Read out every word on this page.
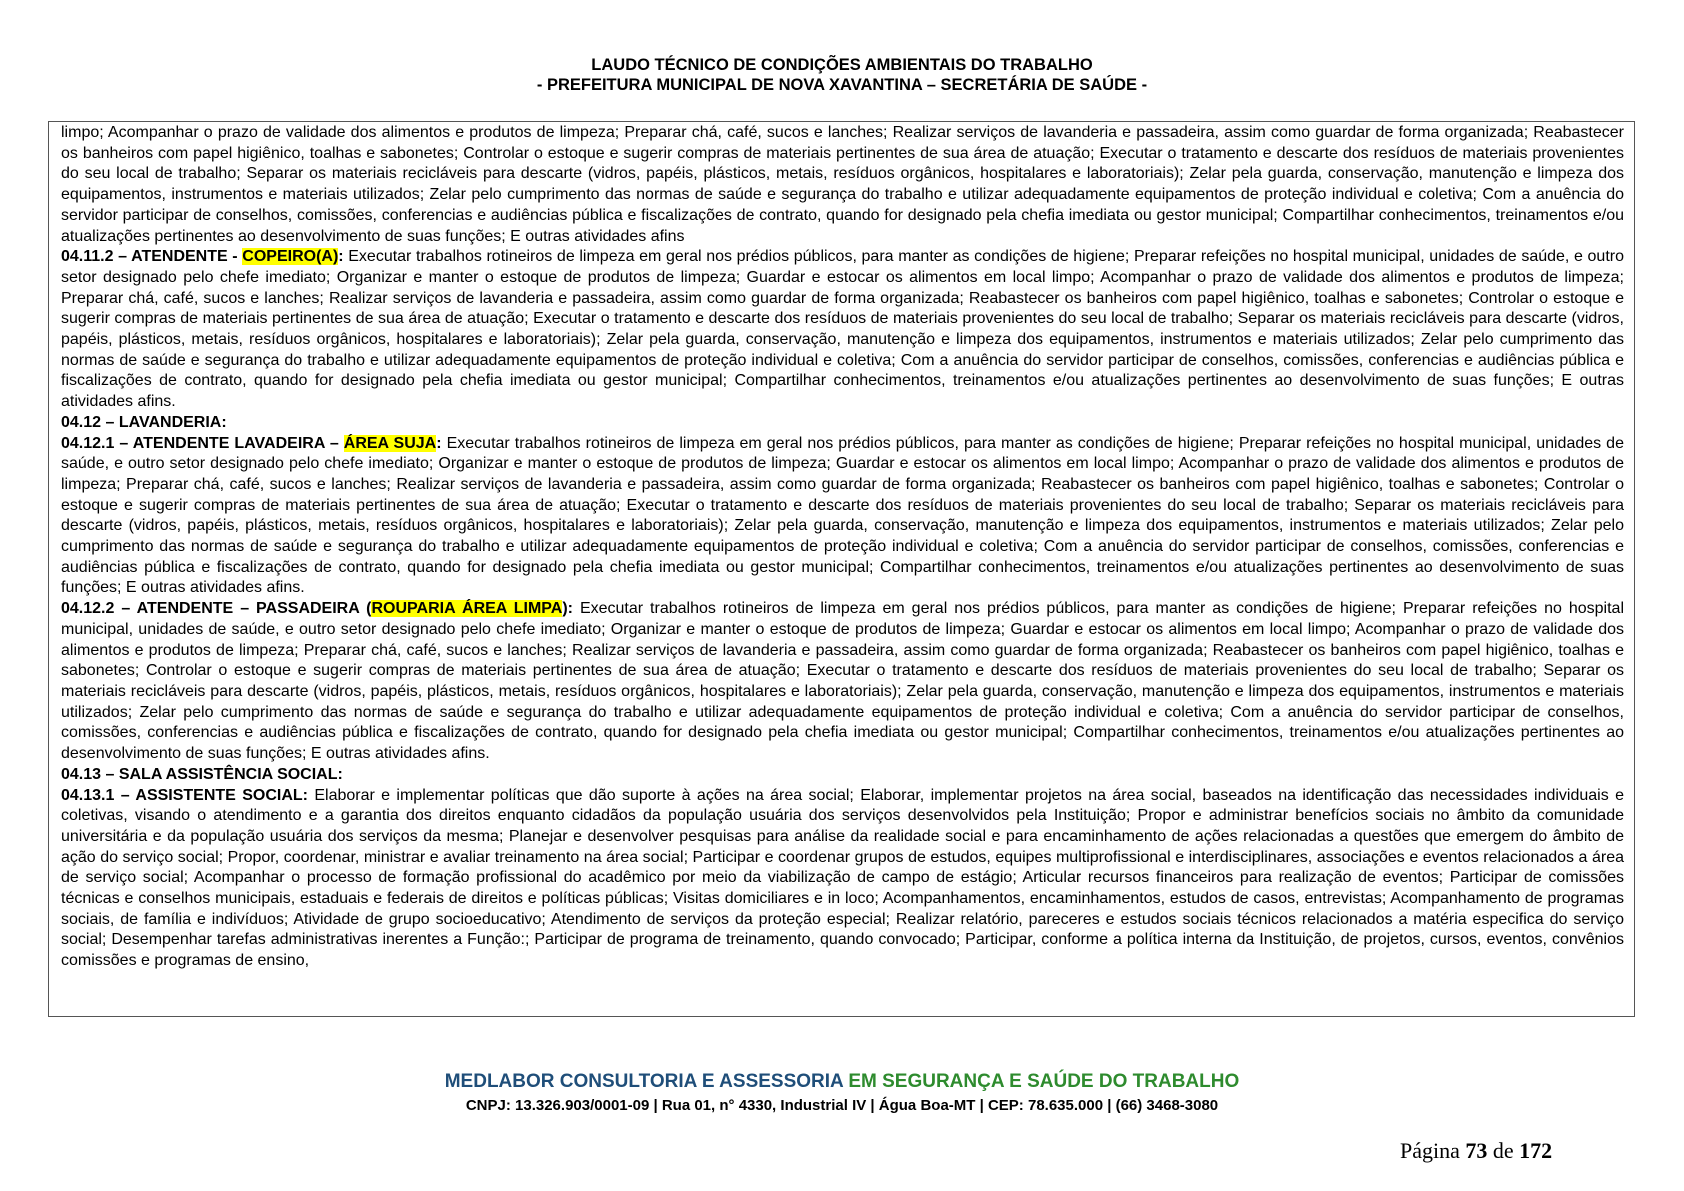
LAUDO TÉCNICO DE CONDIÇÕES AMBIENTAIS DO TRABALHO
- PREFEITURA MUNICIPAL DE NOVA XAVANTINA – SECRETÁRIA DE SAÚDE -

limpo; Acompanhar o prazo de validade dos alimentos e produtos de limpeza; Preparar chá, café, sucos e lanches; Realizar serviços de lavanderia e passadeira, assim como guardar de forma organizada; Reabastecer os banheiros com papel higiênico, toalhas e sabonetes; Controlar o estoque e sugerir compras de materiais pertinentes de sua área de atuação; Executar o tratamento e descarte dos resíduos de materiais provenientes do seu local de trabalho; Separar os materiais recicláveis para descarte (vidros, papéis, plásticos, metais, resíduos orgânicos, hospitalares e laboratoriais); Zelar pela guarda, conservação, manutenção e limpeza dos equipamentos, instrumentos e materiais utilizados; Zelar pelo cumprimento das normas de saúde e segurança do trabalho e utilizar adequadamente equipamentos de proteção individual e coletiva; Com a anuência do servidor participar de conselhos, comissões, conferencias e audiências pública e fiscalizações de contrato, quando for designado pela chefia imediata ou gestor municipal; Compartilhar conhecimentos, treinamentos e/ou atualizações pertinentes ao desenvolvimento de suas funções; E outras atividades afins

04.11.2 – ATENDENTE - COPEIRO(A): Executar trabalhos rotineiros de limpeza em geral nos prédios públicos, para manter as condições de higiene; Preparar refeições no hospital municipal, unidades de saúde, e outro setor designado pelo chefe imediato; Organizar e manter o estoque de produtos de limpeza; Guardar e estocar os alimentos em local limpo; Acompanhar o prazo de validade dos alimentos e produtos de limpeza; Preparar chá, café, sucos e lanches; Realizar serviços de lavanderia e passadeira, assim como guardar de forma organizada; Reabastecer os banheiros com papel higiênico, toalhas e sabonetes; Controlar o estoque e sugerir compras de materiais pertinentes de sua área de atuação; Executar o tratamento e descarte dos resíduos de materiais provenientes do seu local de trabalho; Separar os materiais recicláveis para descarte (vidros, papéis, plásticos, metais, resíduos orgânicos, hospitalares e laboratoriais); Zelar pela guarda, conservação, manutenção e limpeza dos equipamentos, instrumentos e materiais utilizados; Zelar pelo cumprimento das normas de saúde e segurança do trabalho e utilizar adequadamente equipamentos de proteção individual e coletiva; Com a anuência do servidor participar de conselhos, comissões, conferencias e audiências pública e fiscalizações de contrato, quando for designado pela chefia imediata ou gestor municipal; Compartilhar conhecimentos, treinamentos e/ou atualizações pertinentes ao desenvolvimento de suas funções; E outras atividades afins.

04.12 – LAVANDERIA:

04.12.1 – ATENDENTE LAVADEIRA – ÁREA SUJA: Executar trabalhos rotineiros de limpeza em geral nos prédios públicos, para manter as condições de higiene; Preparar refeições no hospital municipal, unidades de saúde, e outro setor designado pelo chefe imediato; Organizar e manter o estoque de produtos de limpeza; Guardar e estocar os alimentos em local limpo; Acompanhar o prazo de validade dos alimentos e produtos de limpeza; Preparar chá, café, sucos e lanches; Realizar serviços de lavanderia e passadeira, assim como guardar de forma organizada; Reabastecer os banheiros com papel higiênico, toalhas e sabonetes; Controlar o estoque e sugerir compras de materiais pertinentes de sua área de atuação; Executar o tratamento e descarte dos resíduos de materiais provenientes do seu local de trabalho; Separar os materiais recicláveis para descarte (vidros, papéis, plásticos, metais, resíduos orgânicos, hospitalares e laboratoriais); Zelar pela guarda, conservação, manutenção e limpeza dos equipamentos, instrumentos e materiais utilizados; Zelar pelo cumprimento das normas de saúde e segurança do trabalho e utilizar adequadamente equipamentos de proteção individual e coletiva; Com a anuência do servidor participar de conselhos, comissões, conferencias e audiências pública e fiscalizações de contrato, quando for designado pela chefia imediata ou gestor municipal; Compartilhar conhecimentos, treinamentos e/ou atualizações pertinentes ao desenvolvimento de suas funções; E outras atividades afins.

04.12.2 – ATENDENTE – PASSADEIRA (ROUPARIA ÁREA LIMPA): Executar trabalhos rotineiros de limpeza em geral nos prédios públicos, para manter as condições de higiene; Preparar refeições no hospital municipal, unidades de saúde, e outro setor designado pelo chefe imediato; Organizar e manter o estoque de produtos de limpeza; Guardar e estocar os alimentos em local limpo; Acompanhar o prazo de validade dos alimentos e produtos de limpeza; Preparar chá, café, sucos e lanches; Realizar serviços de lavanderia e passadeira, assim como guardar de forma organizada; Reabastecer os banheiros com papel higiênico, toalhas e sabonetes; Controlar o estoque e sugerir compras de materiais pertinentes de sua área de atuação; Executar o tratamento e descarte dos resíduos de materiais provenientes do seu local de trabalho; Separar os materiais recicláveis para descarte (vidros, papéis, plásticos, metais, resíduos orgânicos, hospitalares e laboratoriais); Zelar pela guarda, conservação, manutenção e limpeza dos equipamentos, instrumentos e materiais utilizados; Zelar pelo cumprimento das normas de saúde e segurança do trabalho e utilizar adequadamente equipamentos de proteção individual e coletiva; Com a anuência do servidor participar de conselhos, comissões, conferencias e audiências pública e fiscalizações de contrato, quando for designado pela chefia imediata ou gestor municipal; Compartilhar conhecimentos, treinamentos e/ou atualizações pertinentes ao desenvolvimento de suas funções; E outras atividades afins.

04.13 – SALA ASSISTÊNCIA SOCIAL:

04.13.1 – ASSISTENTE SOCIAL: Elaborar e implementar políticas que dão suporte à ações na área social; Elaborar, implementar projetos na área social, baseados na identificação das necessidades individuais e coletivas, visando o atendimento e a garantia dos direitos enquanto cidadãos da população usuária dos serviços desenvolvidos pela Instituição; Propor e administrar benefícios sociais no âmbito da comunidade universitária e da população usuária dos serviços da mesma; Planejar e desenvolver pesquisas para análise da realidade social e para encaminhamento de ações relacionadas a questões que emergem do âmbito de ação do serviço social; Propor, coordenar, ministrar e avaliar treinamento na área social; Participar e coordenar grupos de estudos, equipes multiprofissional e interdisciplinares, associações e eventos relacionados a área de serviço social; Acompanhar o processo de formação profissional do acadêmico por meio da viabilização de campo de estágio; Articular recursos financeiros para realização de eventos; Participar de comissões técnicas e conselhos municipais, estaduais e federais de direitos e políticas públicas; Visitas domiciliares e in loco; Acompanhamentos, encaminhamentos, estudos de casos, entrevistas; Acompanhamento de programas sociais, de família e indivíduos; Atividade de grupo socioeducativo; Atendimento de serviços da proteção especial; Realizar relatório, pareceres e estudos sociais técnicos relacionados a matéria especifica do serviço social; Desempenhar tarefas administrativas inerentes a Função:; Participar de programa de treinamento, quando convocado; Participar, conforme a política interna da Instituição, de projetos, cursos, eventos, convênios comissões e programas de ensino,

MEDLABOR CONSULTORIA E ASSESSORIA EM SEGURANÇA E SAÚDE DO TRABALHO
CNPJ: 13.326.903/0001-09 | Rua 01, n° 4330, Industrial IV | Água Boa-MT | CEP: 78.635.000 | (66) 3468-3080
Página 73 de 172
